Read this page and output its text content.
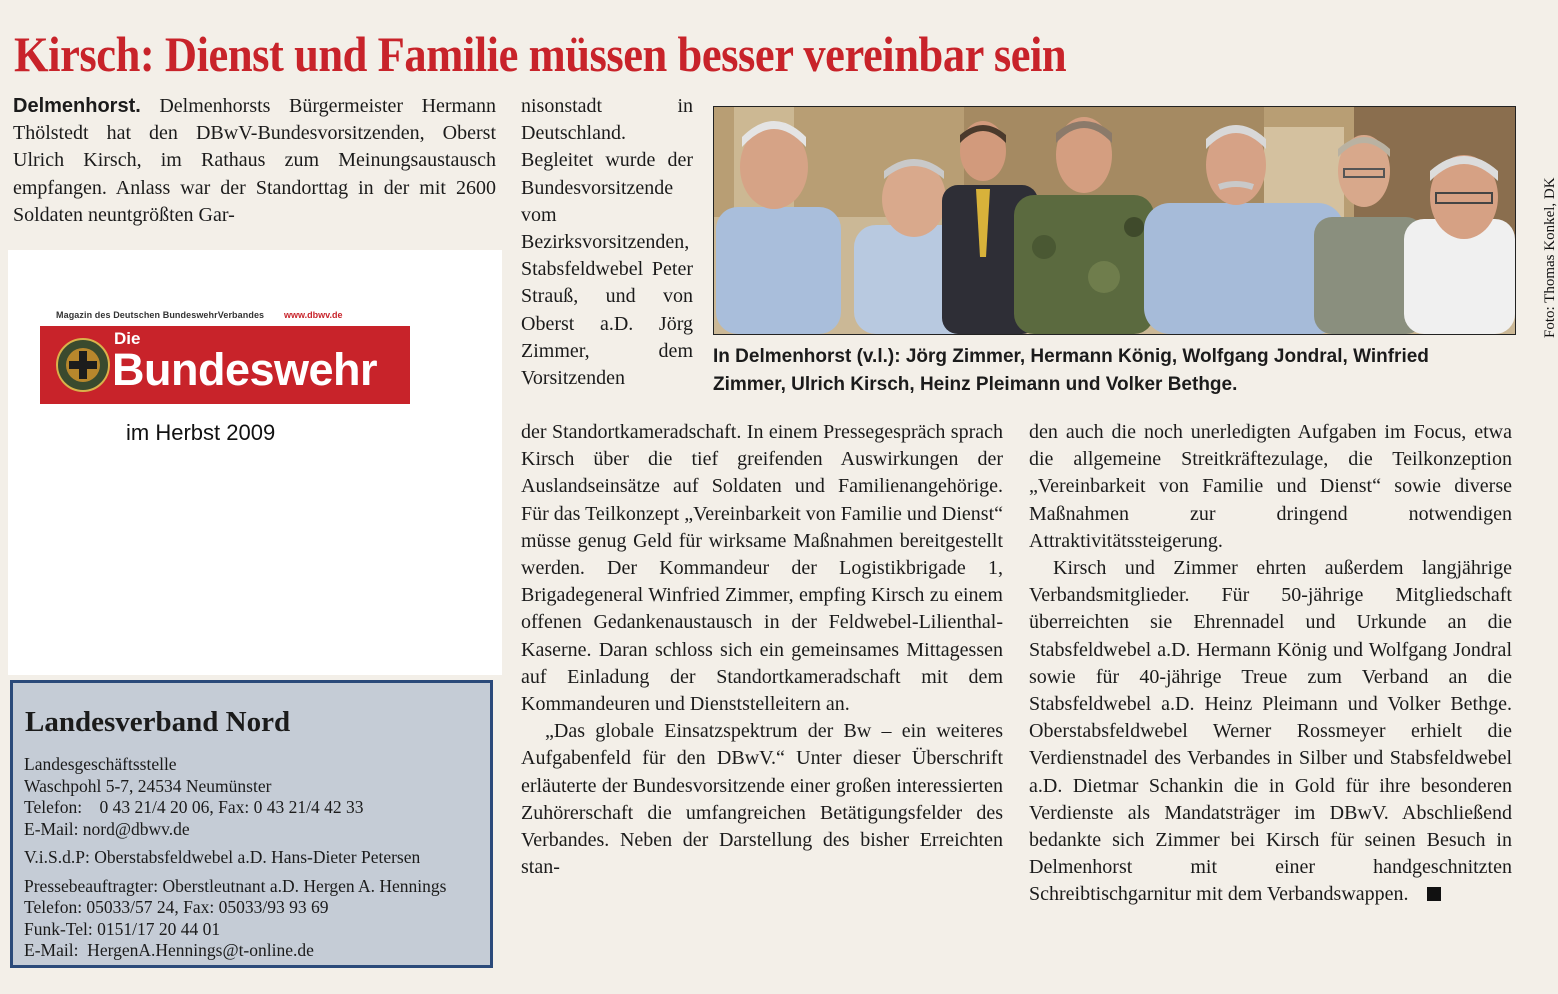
Kirsch: Dienst und Familie müssen besser vereinbar sein

Delmenhorst. Delmenhorsts Bürgermeister Hermann Thölstedt hat den DBwV-Bundesvorsitzenden, Oberst Ulrich Kirsch, im Rathaus zum Meinungsaustausch empfangen. Anlass war der Standorttag in der mit 2600 Soldaten neuntgrößten Gar-

nisonstadt in Deutschland. Begleitet wurde der Bundesvorsitzende vom Bezirksvorsitzenden, Stabsfeldwebel Peter Strauß, und von Oberst a.D. Jörg Zimmer, dem Vorsitzenden

In Delmenhorst (v.l.): Jörg Zimmer, Hermann König, Wolfgang Jondral, Winfried Zimmer, Ulrich Kirsch, Heinz Pleimann und Volker Bethge.
Foto: Thomas Konkel, DK

der Standortkameradschaft. In einem Pressegespräch sprach Kirsch über die tief greifenden Auswirkungen der Auslandseinsätze auf Soldaten und Familienangehörige. Für das Teilkonzept „Vereinbarkeit von Familie und Dienst“ müsse genug Geld für wirksame Maßnahmen bereitgestellt werden. Der Kommandeur der Logistikbrigade 1, Brigadegeneral Winfried Zimmer, empfing Kirsch zu einem offenen Gedankenaustausch in der Feldwebel-Lilienthal-Kaserne. Daran schloss sich ein gemeinsames Mittagessen auf Einladung der Standortkameradschaft mit dem Kommandeuren und Dienststelleitern an.

„Das globale Einsatzspektrum der Bw – ein weiteres Aufgabenfeld für den DBwV.“ Unter dieser Überschrift erläuterte der Bundesvorsitzende einer großen interessierten Zuhörerschaft die umfangreichen Betätigungsfelder des Verbandes. Neben der Darstellung des bisher Erreichten stan-

den auch die noch unerledigten Aufgaben im Focus, etwa die allgemeine Streitkräftezulage, die Teilkonzeption „Vereinbarkeit von Familie und Dienst“ sowie diverse Maßnahmen zur dringend notwendigen Attraktivitätssteigerung.

Kirsch und Zimmer ehrten außerdem langjährige Verbandsmitglieder. Für 50-jährige Mitgliedschaft überreichten sie Ehrennadel und Urkunde an die Stabsfeldwebel a.D. Hermann König und Wolfgang Jondral sowie für 40-jährige Treue zum Verband an die Stabsfeldwebel a.D. Heinz Pleimann und Volker Bethge. Oberstabsfeldwebel Werner Rossmeyer erhielt die Verdienstnadel des Verbandes in Silber und Stabsfeldwebel a.D. Dietmar Schankin die in Gold für ihre besonderen Verdienste als Mandatsträger im DBwV. Abschließend bedankte sich Zimmer bei Kirsch für seinen Besuch in Delmenhorst mit einer handgeschnitzten Schreibtischgarnitur mit dem Verbandswappen.

Magazin des Deutschen BundeswehrVerbandes www.dbwv.de
Die
Bundeswehr
im Herbst 2009
Landesverband Nord
Landesgeschäftsstelle
Waschpohl 5-7, 24534 Neumünster
Telefon:    0 43 21/4 20 06, Fax: 0 43 21/4 42 33
E-Mail: nord@dbwv.de
V.i.S.d.P: Oberstabsfeldwebel a.D. Hans-Dieter Petersen
Pressebeauftragter: Oberstleutnant a.D. Hergen A. Hennings
Telefon: 05033/57 24, Fax: 05033/93 93 69
Funk-Tel: 0151/17 20 44 01
E-Mail:  HergenA.Hennings@t-online.de
